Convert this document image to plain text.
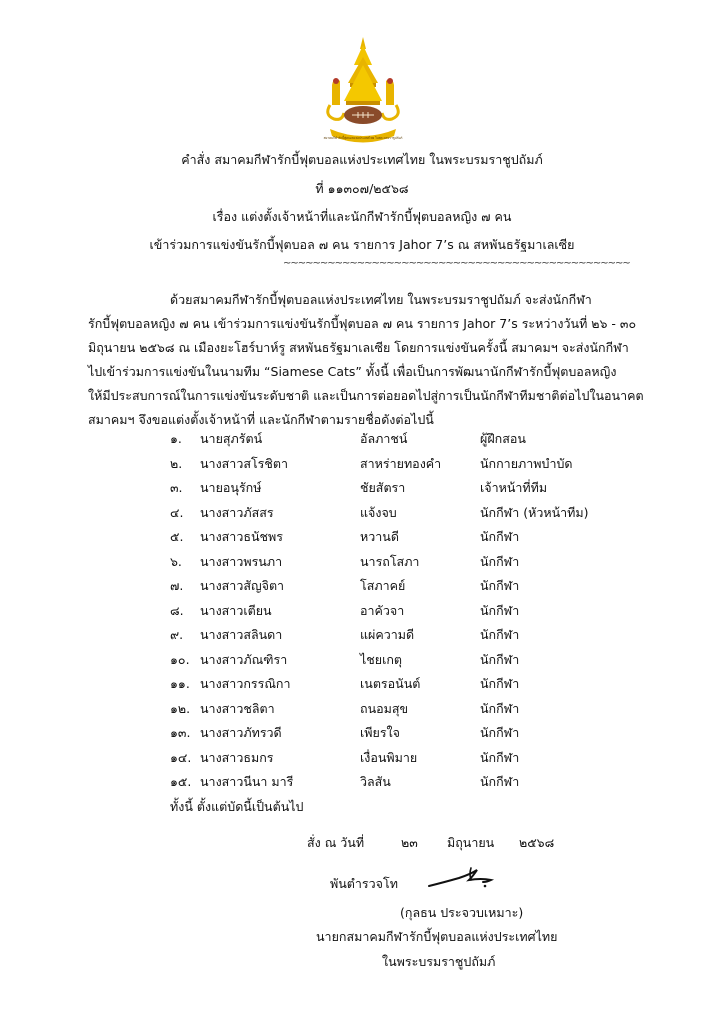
สมาคมกีฬารักบี้ฟุตบอลแห่งประเทศไทย ในพระบรมราชูปถัมภ์
คำสั่ง สมาคมกีฬารักบี้ฟุตบอลแห่งประเทศไทย ในพระบรมราชูปถัมภ์
ที่ ๑๑๓๐๗/๒๕๖๘
เรื่อง แต่งตั้งเจ้าหน้าที่และนักกีฬารักบี้ฟุตบอลหญิง ๗ คน
เข้าร่วมการแข่งขันรักบี้ฟุตบอล ๗ คน รายการ Jahor 7’s ณ สหพันธรัฐมาเลเซีย
~~~~~~~~~~~~~~~~~~~~~~~~~~~~~~~~~~~~~~~~~~~~~~~
ด้วยสมาคมกีฬารักบี้ฟุตบอลแห่งประเทศไทย ในพระบรมราชูปถัมภ์ จะส่งนักกีฬา
รักบี้ฟุตบอลหญิง ๗ คน เข้าร่วมการแข่งขันรักบี้ฟุตบอล ๗ คน รายการ Jahor 7’s ระหว่างวันที่ ๒๖ - ๓๐
มิถุนายน ๒๕๖๘ ณ เมืองยะโฮร์บาห์รู สหพันธรัฐมาเลเซีย โดยการแข่งขันครั้งนี้ สมาคมฯ จะส่งนักกีฬา
ไปเข้าร่วมการแข่งขันในนามทีม “Siamese Cats” ทั้งนี้ เพื่อเป็นการพัฒนานักกีฬารักบี้ฟุตบอลหญิง
ให้มีประสบการณ์ในการแข่งขันระดับชาติ และเป็นการต่อยอดไปสู่การเป็นนักกีฬาทีมชาติต่อไปในอนาคต
สมาคมฯ จึงขอแต่งตั้งเจ้าหน้าที่ และนักกีฬาตามรายชื่อดังต่อไปนี้
๑. นายสุภรัตน์	อัลภาชน์	ผู้ฝึกสอน
๒. นางสาวสโรชิตา	สาหร่ายทองคำ	นักกายภาพบำบัด
๓. นายอนุรักษ์	ชัยสัตรา	เจ้าหน้าที่ทีม
๔. นางสาวภัสสร	แจ้งจบ	นักกีฬา (หัวหน้าทีม)
๕. นางสาวธนัชพร	หวานดี	นักกีฬา
๖. นางสาวพรนภา	นารถโสภา	นักกีฬา
๗. นางสาวสัญจิตา	โสภาคย์	นักกีฬา
๘. นางสาวเตียน	อาคัวจา	นักกีฬา
๙. นางสาวสลินดา	แผ่ความดี	นักกีฬา
๑๐. นางสาวภัณฑิรา	ไชยเกตุ	นักกีฬา
๑๑. นางสาวกรรณิกา	เนตรอนันต์	นักกีฬา
๑๒. นางสาวชลิตา	ถนอมสุข	นักกีฬา
๑๓. นางสาวภัทรวดี	เพียรใจ	นักกีฬา
๑๔. นางสาวธมกร	เงื่อนพิมาย	นักกีฬา
๑๕. นางสาวนีนา มารี	วิลสัน	นักกีฬา
ทั้งนี้ ตั้งแต่บัดนี้เป็นต้นไป
สั่ง ณ วันที่	๒๓ มิถุนายน ๒๕๖๘
พันตำรวจโท
(กุลธน ประจวบเหมาะ)
นายกสมาคมกีฬารักบี้ฟุตบอลแห่งประเทศไทย
ในพระบรมราชูปถัมภ์
